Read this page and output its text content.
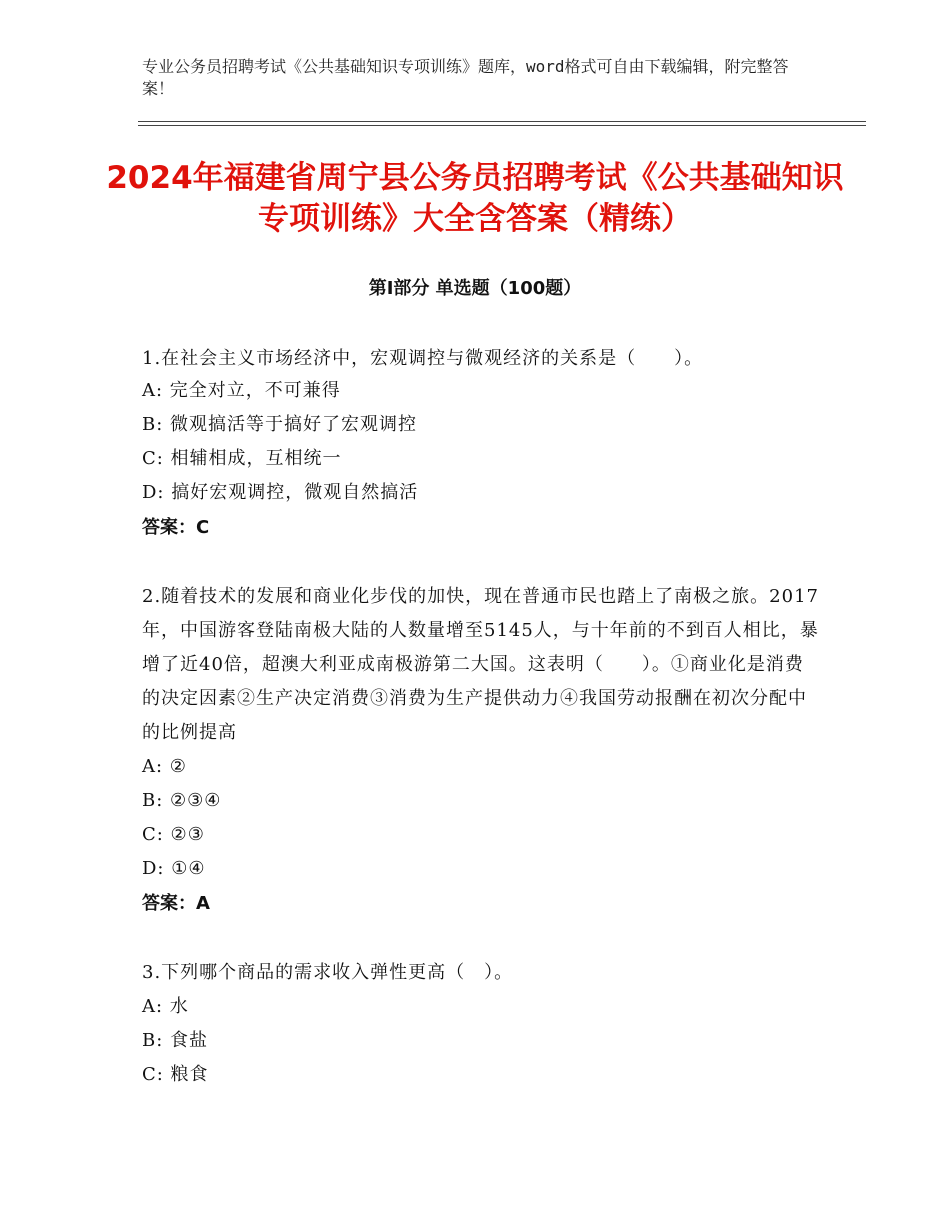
专业公务员招聘考试《公共基础知识专项训练》题库，word格式可自由下载编辑，附完整答案！
2024年福建省周宁县公务员招聘考试《公共基础知识专项训练》大全含答案（精练）
第Ⅰ部分 单选题（100题）
1.在社会主义市场经济中，宏观调控与微观经济的关系是（　　）。
A: 完全对立，不可兼得
B: 微观搞活等于搞好了宏观调控
C: 相辅相成，互相统一
D: 搞好宏观调控，微观自然搞活
答案：C
2.随着技术的发展和商业化步伐的加快，现在普通市民也踏上了南极之旅。2017年，中国游客登陆南极大陆的人数量增至5145人，与十年前的不到百人相比，暴增了近40倍，超澳大利亚成南极游第二大国。这表明（　　）。①商业化是消费的决定因素②生产决定消费③消费为生产提供动力④我国劳动报酬在初次分配中的比例提高
A: ②
B: ②③④
C: ②③
D: ①④
答案：A
3.下列哪个商品的需求收入弹性更高（　）。
A: 水
B: 食盐
C: 粮食
